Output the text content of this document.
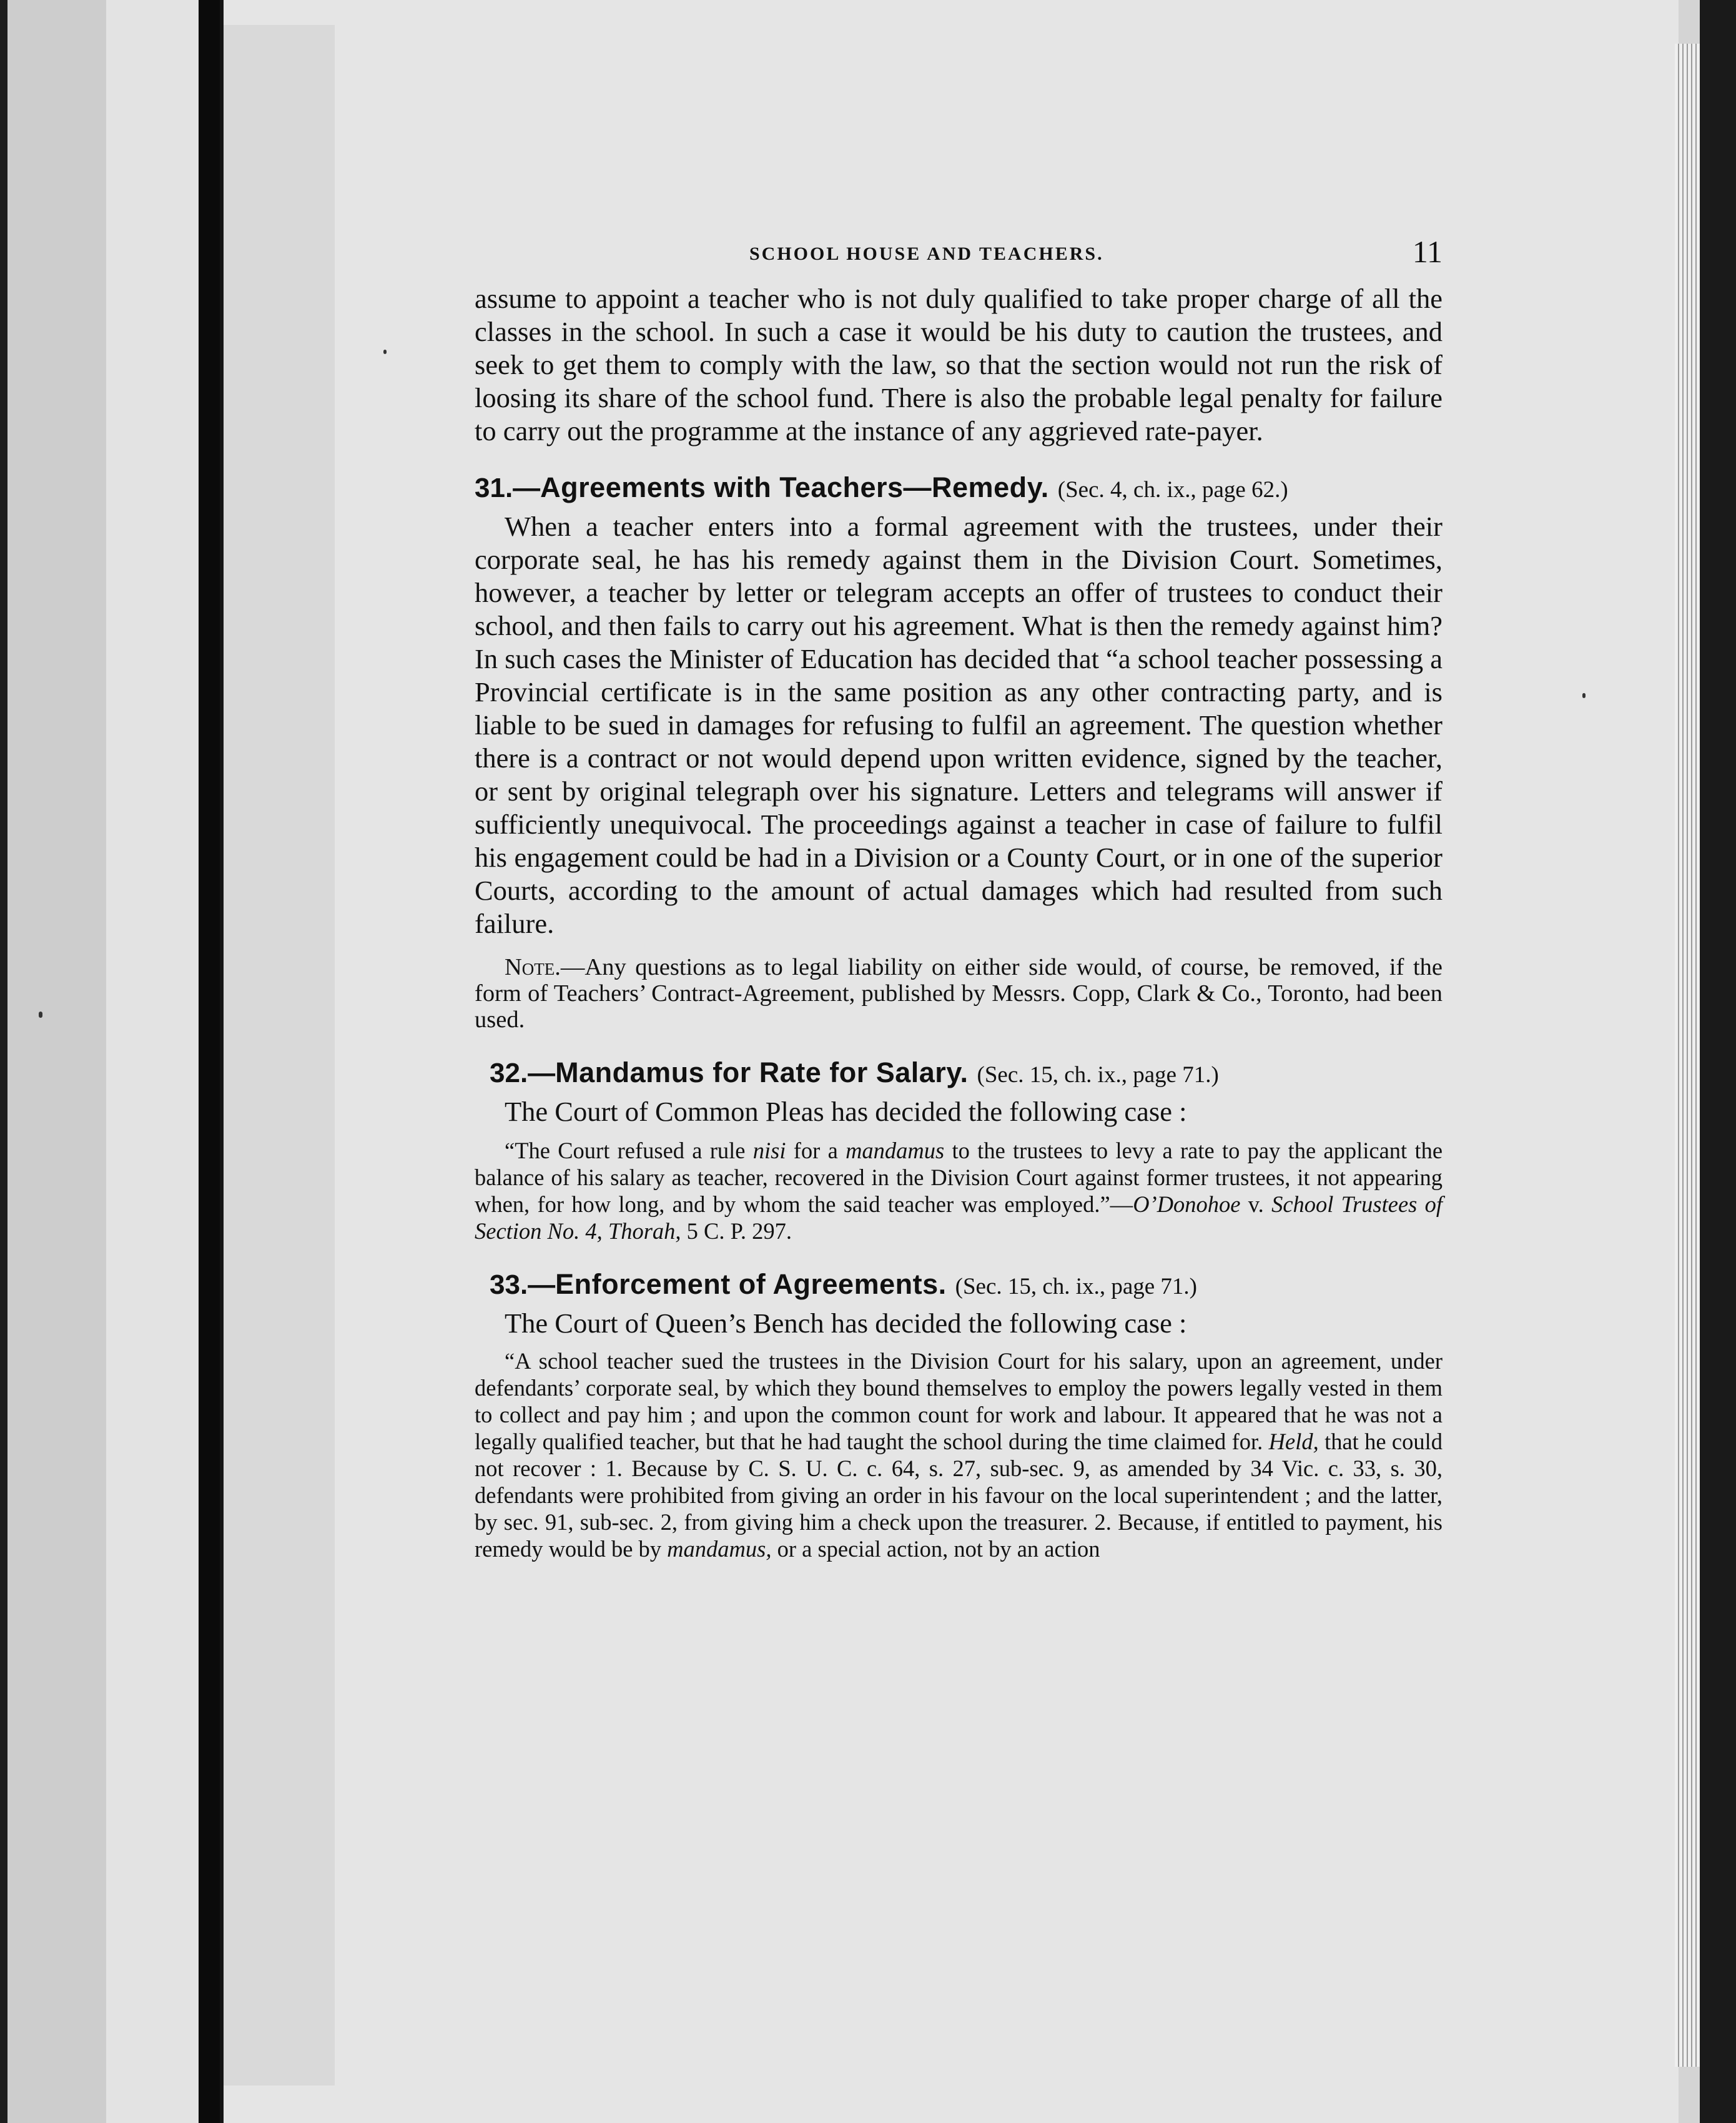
SCHOOL HOUSE AND TEACHERS.	11

assume to appoint a teacher who is not duly qualified to take proper charge of all the classes in the school. In such a case it would be his duty to caution the trustees, and seek to get them to comply with the law, so that the section would not run the risk of loosing its share of the school fund. There is also the probable legal penalty for failure to carry out the programme at the instance of any aggrieved rate-payer.

31.—Agreements with Teachers—Remedy. (Sec. 4, ch. ix., page 62.)

When a teacher enters into a formal agreement with the trustees, under their corporate seal, he has his remedy against them in the Division Court. Sometimes, however, a teacher by letter or telegram accepts an offer of trustees to conduct their school, and then fails to carry out his agreement. What is then the remedy against him? In such cases the Minister of Education has decided that “a school teacher possessing a Provincial certificate is in the same position as any other contracting party, and is liable to be sued in damages for refusing to fulfil an agreement. The question whether there is a contract or not would depend upon written evidence, signed by the teacher, or sent by original telegraph over his signature. Letters and telegrams will answer if sufficiently unequivocal. The proceedings against a teacher in case of failure to fulfil his engagement could be had in a Division or a County Court, or in one of the superior Courts, according to the amount of actual damages which had resulted from such failure.

Note.—Any questions as to legal liability on either side would, of course, be removed, if the form of Teachers’ Contract-Agreement, published by Messrs. Copp, Clark & Co., Toronto, had been used.

32.—Mandamus for Rate for Salary. (Sec. 15, ch. ix., page 71.)

The Court of Common Pleas has decided the following case :

“The Court refused a rule nisi for a mandamus to the trustees to levy a rate to pay the applicant the balance of his salary as teacher, recovered in the Division Court against former trustees, it not appearing when, for how long, and by whom the said teacher was employed.”—O’Donohoe v. School Trustees of Section No. 4, Thorah, 5 C. P. 297.

33.—Enforcement of Agreements. (Sec. 15, ch. ix., page 71.)

The Court of Queen’s Bench has decided the following case :

“A school teacher sued the trustees in the Division Court for his salary, upon an agreement, under defendants’ corporate seal, by which they bound themselves to employ the powers legally vested in them to collect and pay him ; and upon the common count for work and labour. It appeared that he was not a legally qualified teacher, but that he had taught the school during the time claimed for. Held, that he could not recover : 1. Because by C. S. U. C. c. 64, s. 27, sub-sec. 9, as amended by 34 Vic. c. 33, s. 30, defendants were prohibited from giving an order in his favour on the local superintendent ; and the latter, by sec. 91, sub-sec. 2, from giving him a check upon the treasurer. 2. Because, if entitled to payment, his remedy would be by mandamus, or a special action, not by an action
